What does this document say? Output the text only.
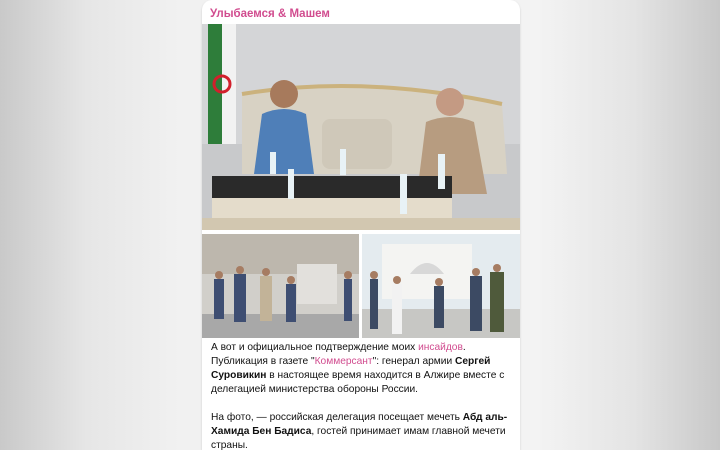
Улыбаемся & Машем

А вот и официальное подтверждение моих инсайдов. Публикация в газете "Коммерсант": генерал армии Сергей Суровикин в настоящее время находится в Алжире вместе с делегацией министерства обороны России.

На фото, — российская делегация посещает мечеть Абд аль-Хамида Бен Бадиса, гостей принимает имам главной мечети страны.
